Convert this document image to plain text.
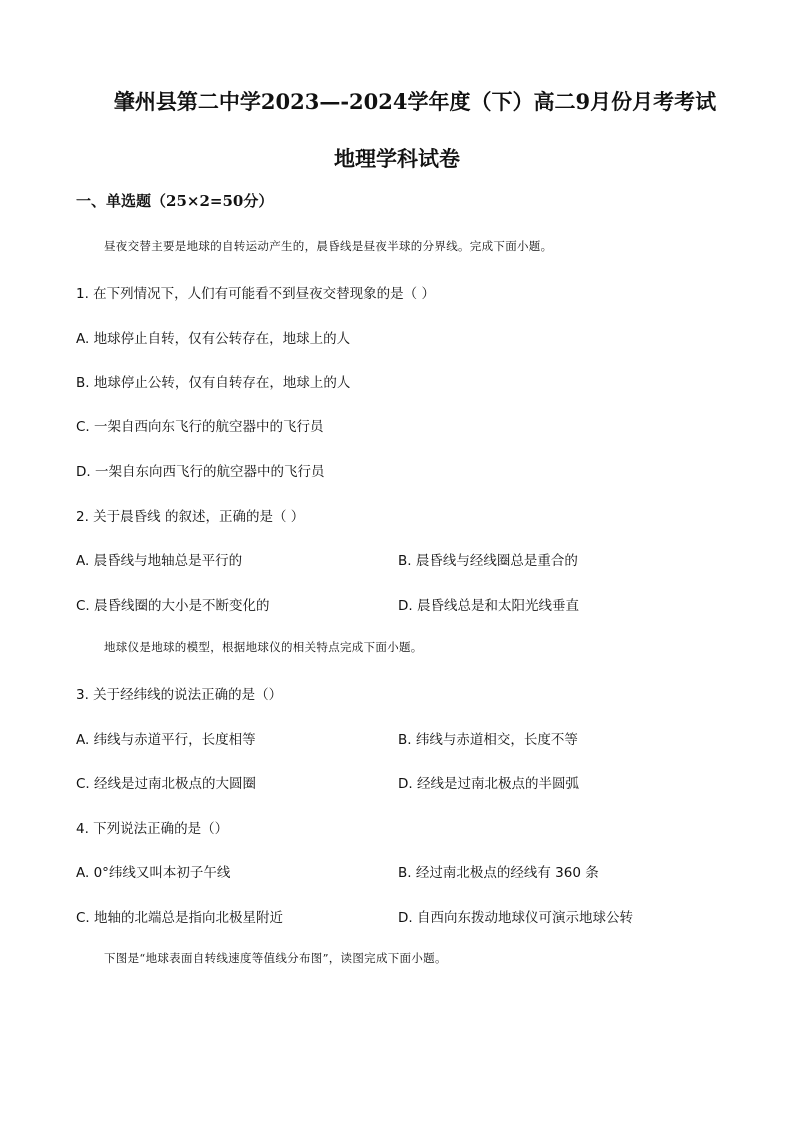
肇州县第二中学2023—-2024学年度（下）高二9月份月考考试
地理学科试卷
一、单选题（25×2=50分）
昼夜交替主要是地球的自转运动产生的，晨昏线是昼夜半球的分界线。完成下面小题。
1. 在下列情况下，人们有可能看不到昼夜交替现象的是（ ）
A. 地球停止自转，仅有公转存在，地球上的人
B. 地球停止公转，仅有自转存在，地球上的人
C. 一架自西向东飞行的航空器中的飞行员
D. 一架自东向西飞行的航空器中的飞行员
2. 关于晨昏线 的叙述，正确的是（ ）
A. 晨昏线与地轴总是平行的	B. 晨昏线与经线圈总是重合的
C. 晨昏线圈的大小是不断变化的	D. 晨昏线总是和太阳光线垂直
地球仪是地球的模型，根据地球仪的相关特点完成下面小题。
3. 关于经纬线的说法正确的是（）
A. 纬线与赤道平行，长度相等	B. 纬线与赤道相交，长度不等
C. 经线是过南北极点的大圆圈	D. 经线是过南北极点的半圆弧
4. 下列说法正确的是（）
A. 0°纬线又叫本初子午线	B. 经过南北极点的经线有 360 条
C. 地轴的北端总是指向北极星附近	D. 自西向东拨动地球仪可演示地球公转
下图是“地球表面自转线速度等值线分布图”，读图完成下面小题。
